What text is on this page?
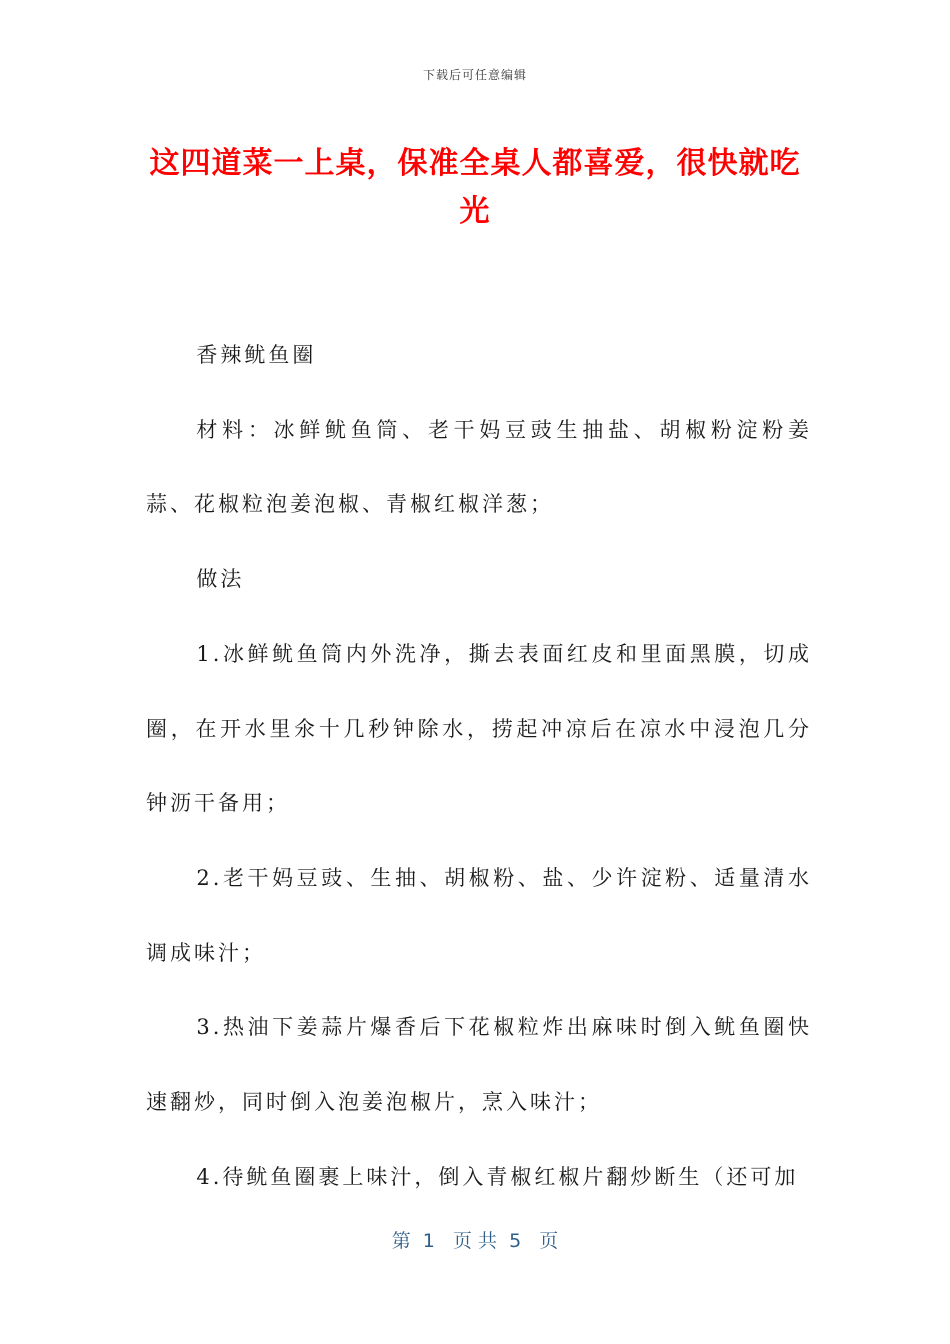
下载后可任意编辑
这四道菜一上桌，保准全桌人都喜爱，很快就吃光

香辣鱿鱼圈

材料：冰鲜鱿鱼筒、老干妈豆豉生抽盐、胡椒粉淀粉姜蒜、花椒粒泡姜泡椒、青椒红椒洋葱；

做法

1.冰鲜鱿鱼筒内外洗净，撕去表面红皮和里面黑膜，切成圈，在开水里氽十几秒钟除水，捞起冲凉后在凉水中浸泡几分钟沥干备用；

2.老干妈豆豉、生抽、胡椒粉、盐、少许淀粉、适量清水调成味汁；

3.热油下姜蒜片爆香后下花椒粒炸出麻味时倒入鱿鱼圈快速翻炒，同时倒入泡姜泡椒片，烹入味汁；

4.待鱿鱼圈裹上味汁，倒入青椒红椒片翻炒断生（还可加

第  1   页 共  5   页
